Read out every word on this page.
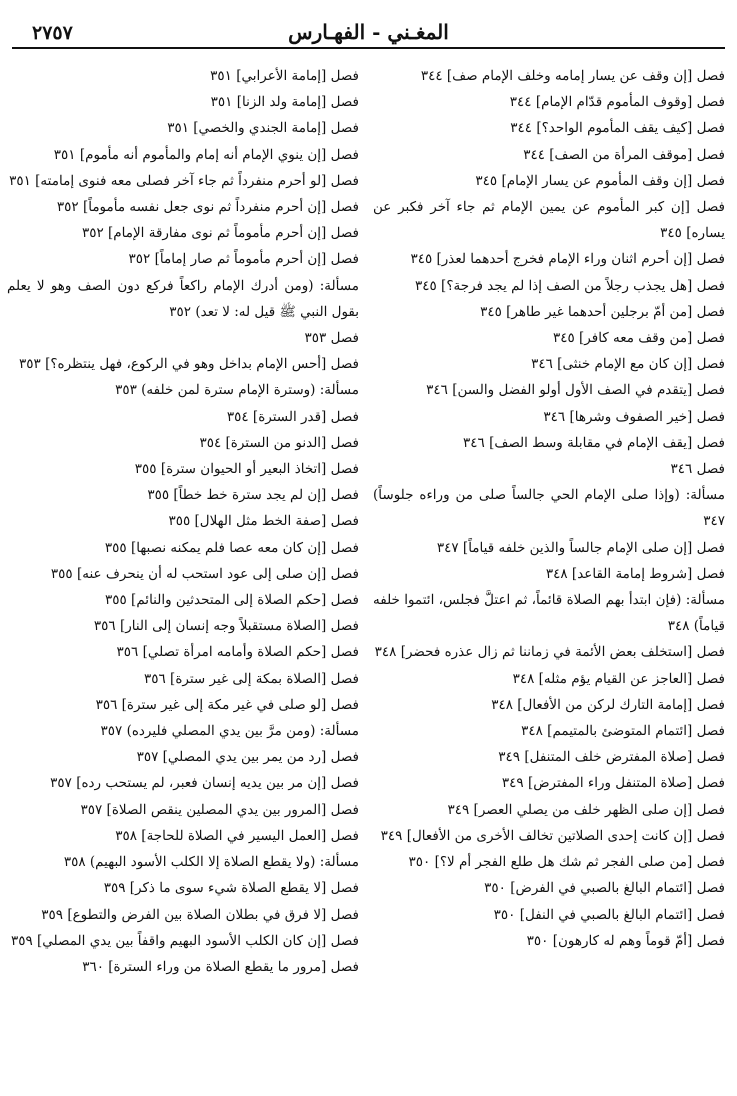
٢٧٥٧	المغـني - الفهـارس

فصل [إن وقف عن يسار إمامه وخلف الإمام صف] ٣٤٤

فصل [وقوف المأموم قدّام الإمام] ٣٤٤

فصل [كيف يقف المأموم الواحد؟] ٣٤٤

فصل [موقف المرأة من الصف] ٣٤٤

فصل [إن وقف المأموم عن يسار الإمام] ٣٤٥

فصل [إن كبر المأموم عن يمين الإمام ثم جاء آخر فكبر عن يساره] ٣٤٥

فصل [إن أحرم اثنان وراء الإمام فخرج أحدهما لعذر] ٣٤٥

فصل [هل يجذب رجلاً من الصف إذا لم يجد فرجة؟] ٣٤٥

فصل [من أمّ برجلين أحدهما غير طاهر] ٣٤٥

فصل [من وقف معه كافر] ٣٤٥

فصل [إن كان مع الإمام خنثى] ٣٤٦

فصل [يتقدم في الصف الأول أولو الفضل والسن] ٣٤٦

فصل [خير الصفوف وشرها] ٣٤٦

فصل [يقف الإمام في مقابلة وسط الصف] ٣٤٦

فصل ٣٤٦

مسألة: (وإذا صلى الإمام الحي جالساً صلى من وراءه جلوساً) ٣٤٧

فصل [إن صلى الإمام جالساً والذين خلفه قياماً] ٣٤٧

فصل [شروط إمامة القاعد] ٣٤٨

مسألة: (فإن ابتدأ بهم الصلاة قائماً، ثم اعتلَّ فجلس، ائتموا خلفه قياماً) ٣٤٨

فصل [استخلف بعض الأئمة في زماننا ثم زال عذره فحضر] ٣٤٨

فصل [العاجز عن القيام يؤم مثله] ٣٤٨

فصل [إمامة التارك لركن من الأفعال] ٣٤٨

فصل [ائتمام المتوضئ بالمتيمم] ٣٤٨

فصل [صلاة المفترض خلف المتنفل] ٣٤٩

فصل [صلاة المتنفل وراء المفترض] ٣٤٩

فصل [إن صلى الظهر خلف من يصلي العصر] ٣٤٩

فصل [إن كانت إحدى الصلاتين تخالف الأخرى من الأفعال] ٣٤٩

فصل [من صلى الفجر ثم شك هل طلع الفجر أم لا؟] ٣٥٠

فصل [ائتمام البالغ بالصبي في الفرض] ٣٥٠

فصل [ائتمام البالغ بالصبي في النفل] ٣٥٠

فصل [أمّ قوماً وهم له كارهون] ٣٥٠

فصل [إمامة الأعرابي] ٣٥١

فصل [إمامة ولد الزنا] ٣٥١

فصل [إمامة الجندي والخصي] ٣٥١

فصل [إن ينوي الإمام أنه إمام والمأموم أنه مأموم] ٣٥١

فصل [لو أحرم منفرداً ثم جاء آخر فصلى معه فنوى إمامته] ٣٥١

فصل [إن أحرم منفرداً ثم نوى جعل نفسه مأموماً] ٣٥٢

فصل [إن أحرم مأموماً ثم نوى مفارقة الإمام] ٣٥٢

فصل [إن أحرم مأموماً ثم صار إماماً] ٣٥٢

مسألة: (ومن أدرك الإمام راكعاً فركع دون الصف وهو لا يعلم بقول النبي ﷺ قيل له: لا تعد) ٣٥٢

فصل ٣٥٣

فصل [أحس الإمام بداخل وهو في الركوع، فهل ينتظره؟] ٣٥٣

مسألة: (وسترة الإمام سترة لمن خلفه) ٣٥٣

فصل [قدر السترة] ٣٥٤

فصل [الدنو من السترة] ٣٥٤

فصل [اتخاذ البعير أو الحيوان سترة] ٣٥٥

فصل [إن لم يجد سترة خط خطاً] ٣٥٥

فصل [صفة الخط مثل الهلال] ٣٥٥

فصل [إن كان معه عصا فلم يمكنه نصبها] ٣٥٥

فصل [إن صلى إلى عود استحب له أن ينحرف عنه] ٣٥٥

فصل [حكم الصلاة إلى المتحدثين والنائم] ٣٥٥

فصل [الصلاة مستقبلاً وجه إنسان إلى النار] ٣٥٦

فصل [حكم الصلاة وأمامه امرأة تصلي] ٣٥٦

فصل [الصلاة بمكة إلى غير سترة] ٣٥٦

فصل [لو صلى في غير مكة إلى غير سترة] ٣٥٦

مسألة: (ومن مرَّ بين يدي المصلي فليرده) ٣٥٧

فصل [رد من يمر بين يدي المصلي] ٣٥٧

فصل [إن مر بين يديه إنسان فعبر، لم يستحب رده] ٣٥٧

فصل [المرور بين يدي المصلين ينقص الصلاة] ٣٥٧

فصل [العمل اليسير في الصلاة للحاجة] ٣٥٨

مسألة: (ولا يقطع الصلاة إلا الكلب الأسود البهيم) ٣٥٨

فصل [لا يقطع الصلاة شيء سوى ما ذكر] ٣٥٩

فصل [لا فرق في بطلان الصلاة بين الفرض والتطوع] ٣٥٩

فصل [إن كان الكلب الأسود البهيم واقفاً بين يدي المصلي] ٣٥٩

فصل [مرور ما يقطع الصلاة من وراء السترة] ٣٦٠
